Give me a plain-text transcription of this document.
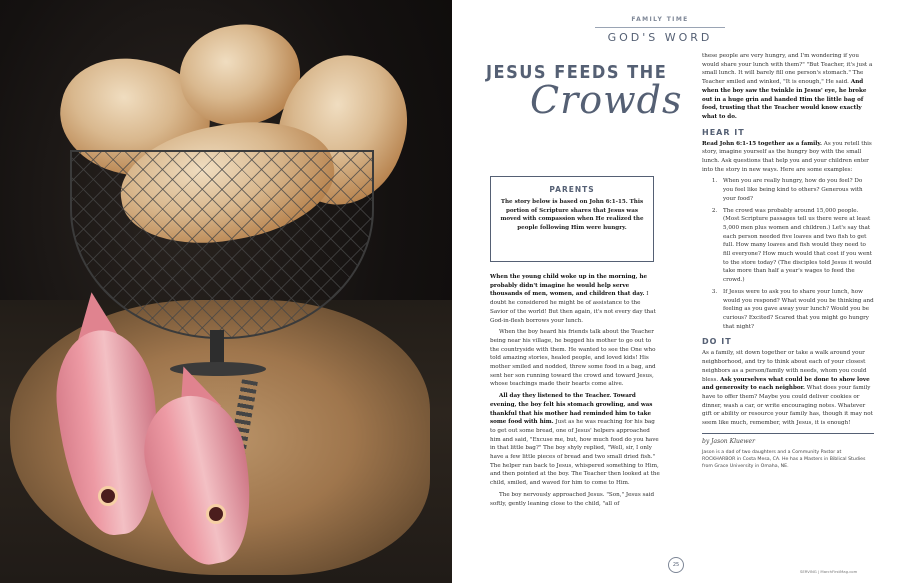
FAMILY TIME
GOD'S WORD
JESUS FEEDS THE
Crowds
PARENTS
The story below is based on John 6:1-15. This portion of Scripture shares that Jesus was moved with compassion when He realized the people following Him were hungry.

When the young child woke up in the morning, he probably didn't imagine he would help serve thousands of men, women, and children that day. I doubt he considered he might be of assistance to the Savior of the world! But then again, it's not every day that God-in-flesh borrows your lunch.

When the boy heard his friends talk about the Teacher being near his village, he begged his mother to go out to the countryside with them. He wanted to see the One who told amazing stories, healed people, and loved kids! His mother smiled and nodded, threw some food in a bag, and sent her son running toward the crowd and toward Jesus, whose teachings made their hearts come alive.

All day they listened to the Teacher. Toward evening, the boy felt his stomach growling, and was thankful that his mother had reminded him to take some food with him. Just as he was reaching for his bag to get out some bread, one of Jesus' helpers approached him and said, "Excuse me, but, how much food do you have in that little bag?" The boy shyly replied, "Well, sir, I only have a few little pieces of bread and two small dried fish." The helper ran back to Jesus, whispered something to Him, and then pointed at the boy. The Teacher then looked at the child, smiled, and waved for him to come to Him.

The boy nervously approached Jesus. "Son," Jesus said softly, gently leaning close to the child, "all of

these people are very hungry, and I'm wondering if you would share your lunch with them?" "But Teacher, it's just a small lunch. It will barely fill one person's stomach." The Teacher smiled and winked, "It is enough," He said. And when the boy saw the twinkle in Jesus' eye, he broke out in a huge grin and handed Him the little bag of food, trusting that the Teacher would know exactly what to do.

HEAR IT

Read John 6:1-15 together as a family. As you retell this story, imagine yourself as the hungry boy with the small lunch. Ask questions that help you and your children enter into the story in new ways. Here are some examples:

1. When you are really hungry, how do you feel? Do you feel like being kind to others? Generous with your food?
2. The crowd was probably around 15,000 people. (Most Scripture passages tell us there were at least 5,000 men plus women and children.) Let's say that each person needed five loaves and two fish to get full. How many loaves and fish would they need to fill everyone? How much would that cost if you went to the store today? (The disciples told Jesus it would take more than half a year's wages to feed the crowd.)
3. If Jesus were to ask you to share your lunch, how would you respond? What would you be thinking and feeling as you gave away your lunch? Would you be curious? Excited? Scared that you might go hungry that night?
DO IT

As a family, sit down together or take a walk around your neighborhood, and try to think about each of your closest neighbors as a person/family with needs, whom you could bless. Ask yourselves what could be done to show love and generosity to each neighbor. What does your family have to offer them? Maybe you could deliver cookies or dinner, wash a car, or write encouraging notes. Whatever gift or ability or resource your family has, though it may not seem like much, remember, with Jesus, it is enough!

by Jason Kluewer
Jason is a dad of two daughters and a Community Pastor at ROCKHARBOR in Costa Mesa, CA. He has a Masters in Biblical Studies from Grace University in Omaha, NE.
25
SERVING | MarchFirstMag.com
